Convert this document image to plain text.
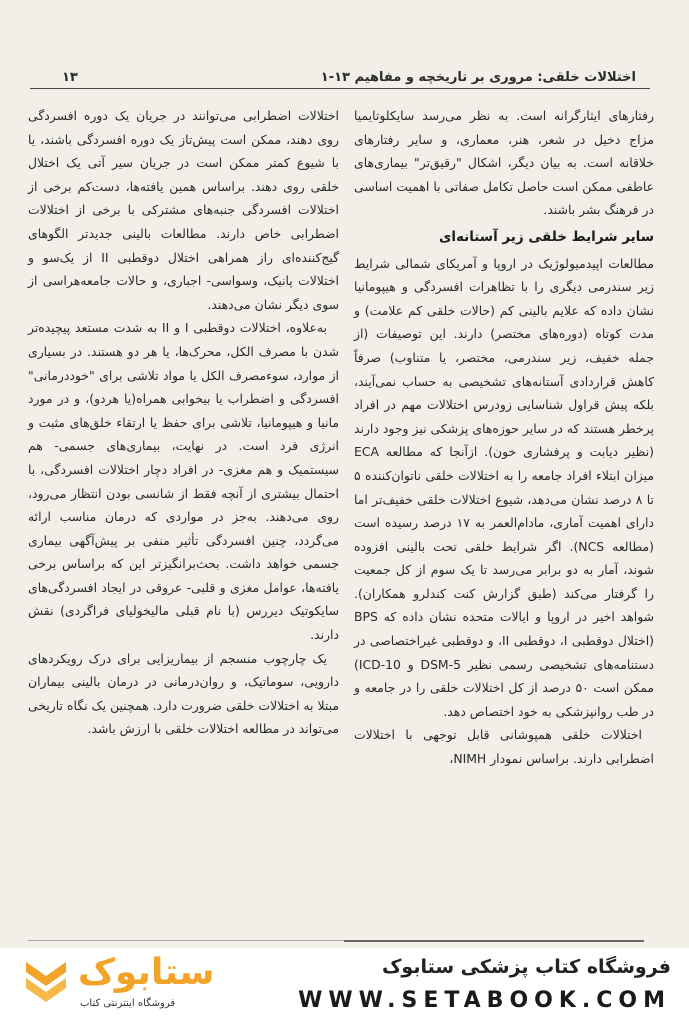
۱۳	۱-۱۳ اختلالات خلقی: مروری بر تاریخچه و مفاهیم

رفتارهای ایثارگرانه است. به نظر می‌رسد سایکلوتایمیا مزاج دخیل در شعر، هنر، معماری، و سایر رفتارهای خلاقانه است. به بیان دیگر، اشکال "رقیق‌تر" بیماری‌های عاطفی ممکن است حاصل تکامل صفاتی با اهمیت اساسی در فرهنگ بشر باشند.

سایر شرایط خلقی زیر آستانه‌ای

مطالعات اپیدمیولوژیک در اروپا و آمریکای شمالی شرایط زیر سندرمی دیگری را با تظاهرات افسردگی و هیپومانیا نشان داده که علایم بالینی کم (حالات خلقی کم علامت) و مدت کوتاه (دوره‌های مختصر) دارند. این توصیفات (از جمله خفیف، زیر سندرمی، مختصر، یا متناوب) صرفاً کاهش قراردادی آستانه‌های تشخیصی به حساب نمی‌آیند، بلکه پیش قراول شناسایی زودرس اختلالات مهم در افراد پرخطر هستند که در سایر حوزه‌های پزشکی نیز وجود دارند (نظیر دیابت و پرفشاری خون). ازآنجا که مطالعه ECA میزان ابتلاء افراد جامعه را به اختلالات خلقی ناتوان‌کننده ۵ تا ۸ درصد نشان می‌دهد، شیوع اختلالات خلقی خفیف‌تر اما دارای اهمیت آماری، مادام‌العمر به ۱۷ درصد رسیده است (مطالعه NCS). اگر شرایط خلقی تحت بالینی افزوده شوند، آمار به دو برابر می‌رسد تا یک سوم از کل جمعیت را گرفتار می‌کند (طبق گزارش کنت کندلرو همکاران). شواهد اخیر در اروپا و ایالات متحده نشان داده که BPS (اختلال دوقطبی I، دوقطبی II، و دوقطبی غیراختصاصی در دستنامه‌های تشخیصی رسمی نظیر DSM-5 و ICD-10) ممکن است ۵۰ درصد از کل اختلالات خلقی را در جامعه و در طب روانپزشکی به خود اختصاص دهد.

اختلالات خلقی همپوشانی قابل توجهی با اختلالات اضطرابی دارند. براساس نمودار NIMH،

اختلالات اضطرابی می‌توانند در جریان یک دوره افسردگی روی دهند، ممکن است پیش‌تاز یک دوره افسردگی باشند، یا با شیوع کمتر ممکن است در جریان سیر آتی یک اختلال خلقی روی دهند. براساس همین یافته‌ها، دست‌کم برخی از اختلالات افسردگی جنبه‌های مشترکی با برخی از اختلالات اضطرابی خاص دارند. مطالعات بالینی جدیدتر الگوهای گیج‌کننده‌ای راز همراهی اختلال دوقطبی II از یک‌سو و اختلالات پانیک، وسواسی- اجباری، و حالات جامعه‌هراسی از سوی دیگر نشان می‌دهند.

به‌علاوه، اختلالات دوقطبی I و II به شدت مستعد پیچیده‌تر شدن با مصرف الکل، محرک‌ها، یا هر دو هستند. در بسیاری از موارد، سوءمصرف الکل یا مواد تلاشی برای "خوددرمانی" افسردگی و اضطراب یا بیخوابی همراه(یا هردو)، و در مورد مانیا و هیپومانیا، تلاشی برای حفظ یا ارتقاء خلق‌های مثبت و انرژی فرد است. در نهایت، بیماری‌های جسمی- هم سیستمیک و هم مغزی- در افراد دچار اختلالات افسردگی، با احتمال بیشتری از آنچه فقط از شانسی بودن انتظار می‌رود، روی می‌دهند. به‌جز در مواردی که درمان مناسب ارائه می‌گردد، چنین افسردگی تأثیر منفی بر پیش‌آگهی بیماری جسمی خواهد داشت. بحث‌برانگیزتر این که براساس برخی یافته‌ها، عوامل مغزی و قلبی- عروقی در ایجاد افسردگی‌های سایکوتیک دیررس (با نام قبلی مالیخولیای فراگردی) نقش دارند.

یک چارچوب منسجم از بیماریزایی برای درک رویکردهای دارویی، سوماتیک، و روان‌درمانی در درمان بالینی بیماران مبتلا به اختلالات خلقی ضرورت دارد. همچنین یک نگاه تاریخی می‌تواند در مطالعه اختلالات خلقی با ارزش باشد.

ستابوک
فروشگاه اینترنتی کتاب
فروشگاه کتاب پزشکی ستابوک
WWW.SETABOOK.COM
